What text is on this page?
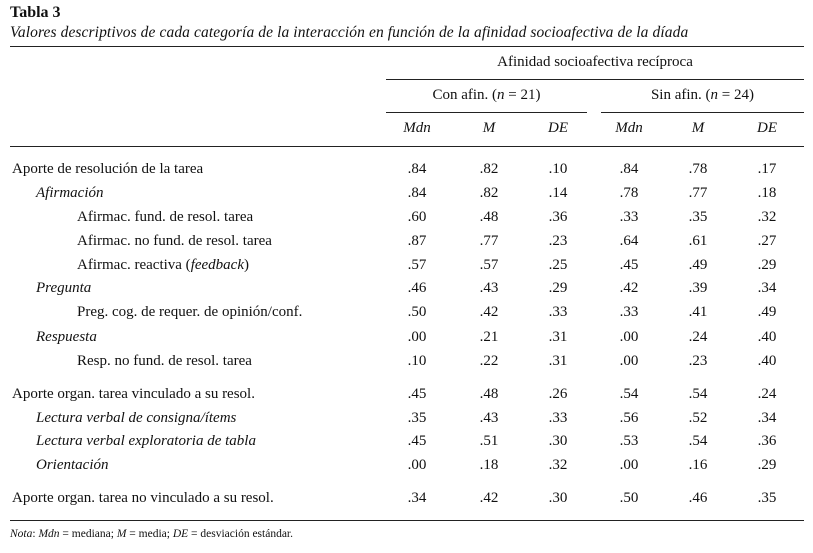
Tabla 3
Valores descriptivos de cada categoría de la interacción en función de la afinidad socioafectiva de la díada
Afinidad socioafectiva recíproca
Con afin. (n = 21)	Sin afin. (n = 24)
Mdn	M	DE	Mdn	M	DE
Aporte de resolución de la tarea	.84	.82	.10	.84	.78	.17
Afirmación	.84	.82	.14	.78	.77	.18
Afirmac. fund. de resol. tarea	.60	.48	.36	.33	.35	.32
Afirmac. no fund. de resol. tarea	.87	.77	.23	.64	.61	.27
Afirmac. reactiva (feedback)	.57	.57	.25	.45	.49	.29
Pregunta	.46	.43	.29	.42	.39	.34
Preg. cog. de requer. de opinión/conf.	.50	.42	.33	.33	.41	.49
Respuesta	.00	.21	.31	.00	.24	.40
Resp. no fund. de resol. tarea	.10	.22	.31	.00	.23	.40
Aporte organ. tarea vinculado a su resol.	.45	.48	.26	.54	.54	.24
Lectura verbal de consigna/ítems	.35	.43	.33	.56	.52	.34
Lectura verbal exploratoria de tabla	.45	.51	.30	.53	.54	.36
Orientación	.00	.18	.32	.00	.16	.29
Aporte organ. tarea no vinculado a su resol.	.34	.42	.30	.50	.46	.35
Nota: Mdn = mediana; M = media; DE = desviación estándar.
